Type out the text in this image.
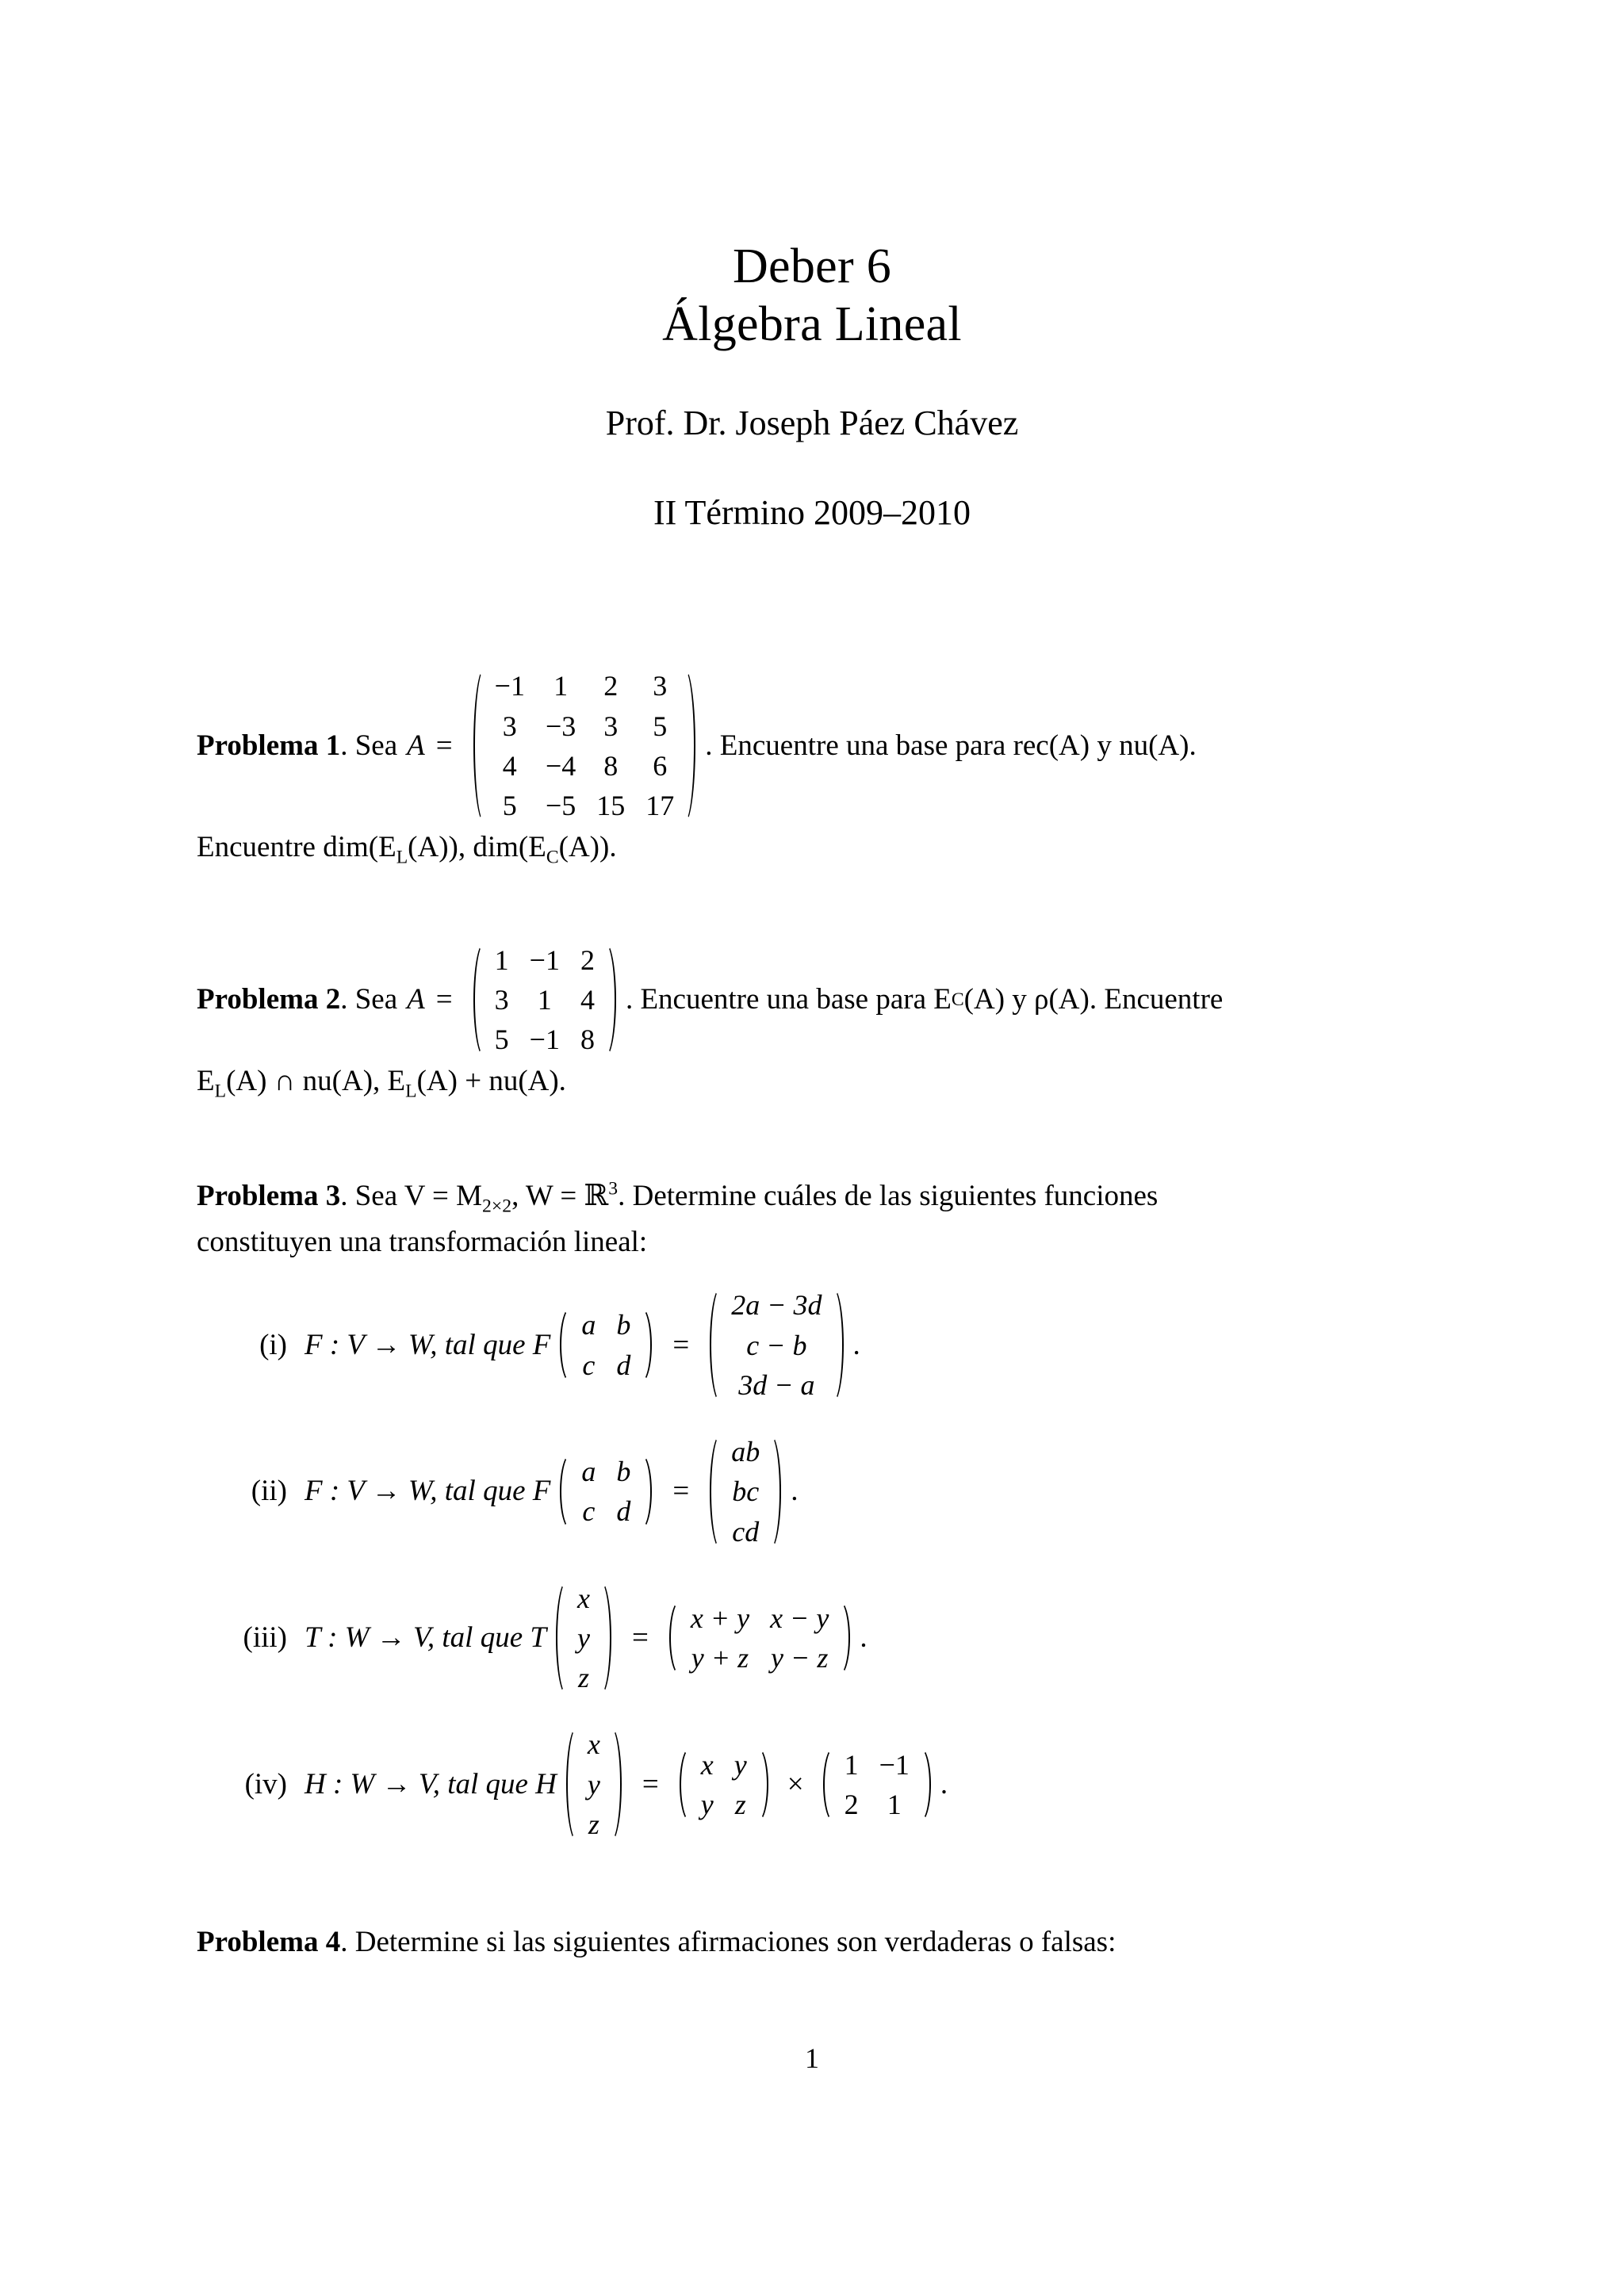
Deber 6
Álgebra Lineal
Prof. Dr. Joseph Páez Chávez
II Término 2009–2010
Problema 1 . Sea A =
−1	1	2	3
3	−3	3	5
4	−4	8	6
5	−5	15	17
. Encuentre una base para rec(A) y nu(A).
Encuentre $dim(E_L(A))$, $dim(E_C(A))$.
Problema 2 . Sea A =
1	−1	2
3	1	4
5	−1	8
. Encuentre una base para E C (A) y ρ(A). Encuentre
$E_L(A)$ ∩ nu(A), $E_L(A) + nu(A)$.
Problema 3. Sea $V = M_{2\times 2}$, W = ℝ$^3$. Determine cuáles de las siguientes funciones
constituyen una transformación lineal:
(i) F : V → W, tal que F
a	b
c	d
=
2a − 3d
c − b
3d − a
.
(ii) F : V → W, tal que F
a	b
c	d
=
ab
bc
cd
.
(iii) T : W → V, tal que T
x
y
z
=
x + y	x − y
y + z	y − z
.
(iv) H : W → V, tal que H
x
y
z
=
x	y
y	z
×
1	−1
2	1
.
Problema 4. Determine si las siguientes afirmaciones son verdaderas o falsas:
1
